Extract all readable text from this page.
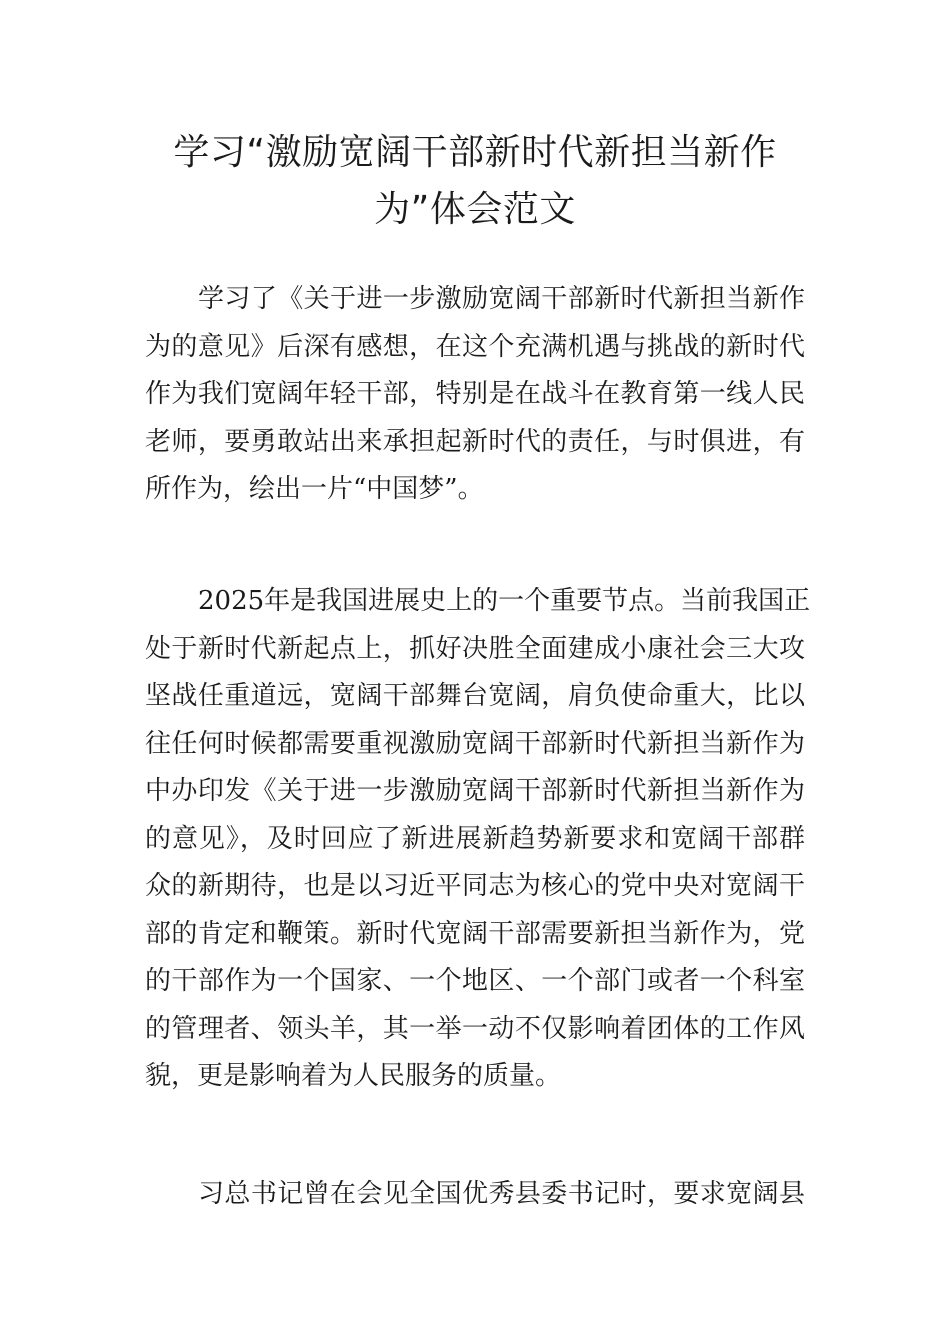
学习“激励宽阔干部新时代新担当新作
为”体会范文
学习了《关于进一步激励宽阔干部新时代新担当新作
为的意见》后深有感想，在这个充满机遇与挑战的新时代
作为我们宽阔年轻干部，特别是在战斗在教育第一线人民
老师，要勇敢站出来承担起新时代的责任，与时俱进，有
所作为，绘出一片“中国梦”。
2025年是我国进展史上的一个重要节点。当前我国正
处于新时代新起点上，抓好决胜全面建成小康社会三大攻
坚战任重道远，宽阔干部舞台宽阔，肩负使命重大，比以
往任何时候都需要重视激励宽阔干部新时代新担当新作为
中办印发《关于进一步激励宽阔干部新时代新担当新作为
的意见》，及时回应了新进展新趋势新要求和宽阔干部群
众的新期待，也是以习近平同志为核心的党中央对宽阔干
部的肯定和鞭策。新时代宽阔干部需要新担当新作为，党
的干部作为一个国家、一个地区、一个部门或者一个科室
的管理者、领头羊，其一举一动不仅影响着团体的工作风
貌，更是影响着为人民服务的质量。
习总书记曾在会见全国优秀县委书记时，要求宽阔县
